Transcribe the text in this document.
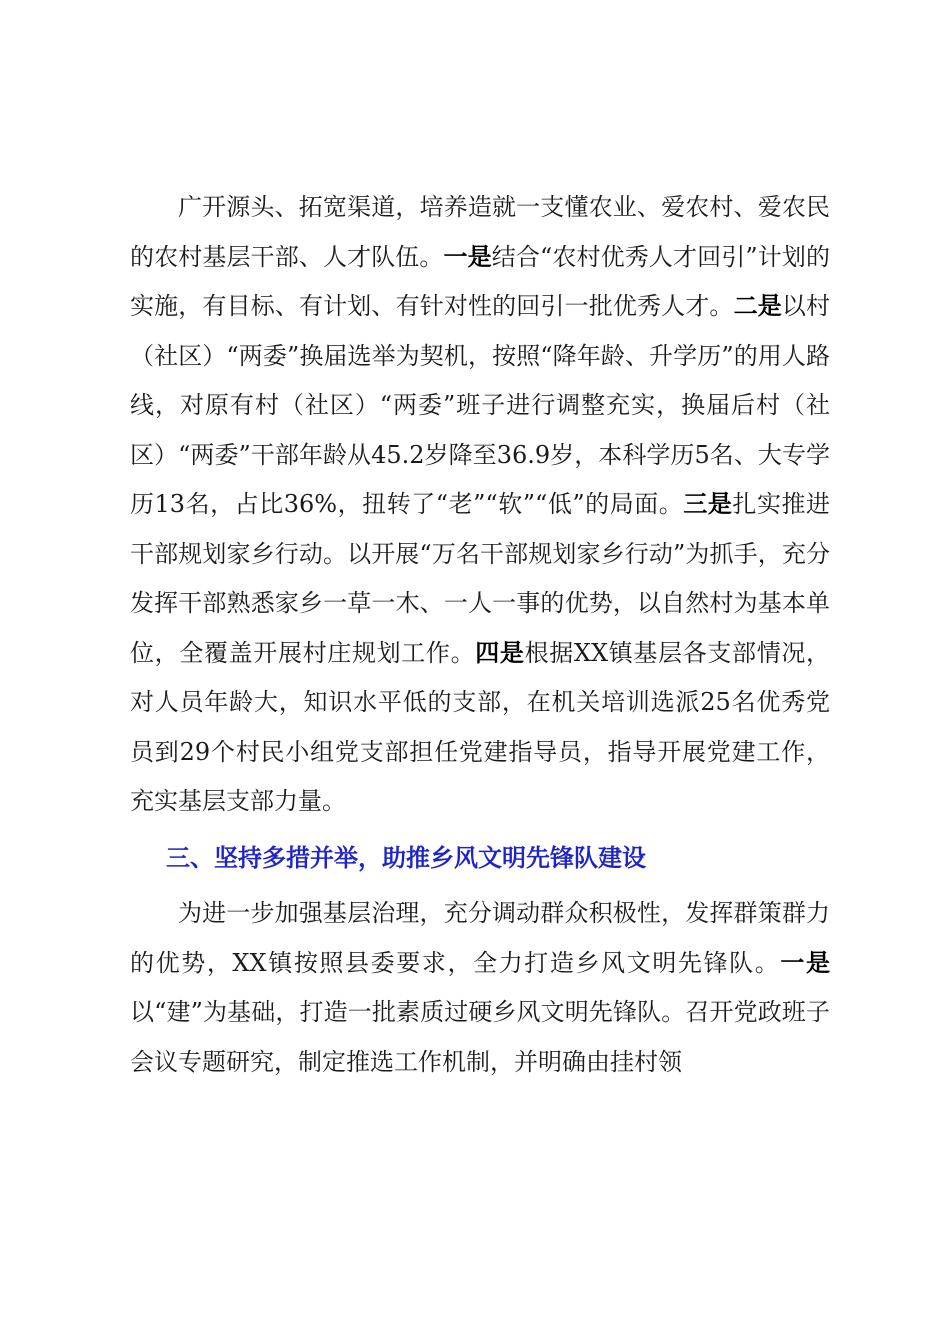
广开源头、拓宽渠道，培养造就一支懂农业、爱农村、爱农民的农村基层干部、人才队伍。一是结合“农村优秀人才回引”计划的实施，有目标、有计划、有针对性的回引一批优秀人才。二是以村（社区）“两委”换届选举为契机，按照“降年龄、升学历”的用人路线，对原有村（社区）“两委”班子进行调整充实，换届后村（社区）“两委”干部年龄从45.2岁降至36.9岁，本科学历5名、大专学历13名，占比36%，扭转了“老”“软”“低”的局面。三是扎实推进干部规划家乡行动。以开展“万名干部规划家乡行动”为抓手，充分发挥干部熟悉家乡一草一木、一人一事的优势，以自然村为基本单位，全覆盖开展村庄规划工作。四是根据XX镇基层各支部情况，对人员年龄大，知识水平低的支部，在机关培训选派25名优秀党员到29个村民小组党支部担任党建指导员，指导开展党建工作，充实基层支部力量。

三、坚持多措并举，助推乡风文明先锋队建设

为进一步加强基层治理，充分调动群众积极性，发挥群策群力的优势，XX镇按照县委要求，全力打造乡风文明先锋队。一是以“建”为基础，打造一批素质过硬乡风文明先锋队。召开党政班子会议专题研究，制定推选工作机制，并明确由挂村领
